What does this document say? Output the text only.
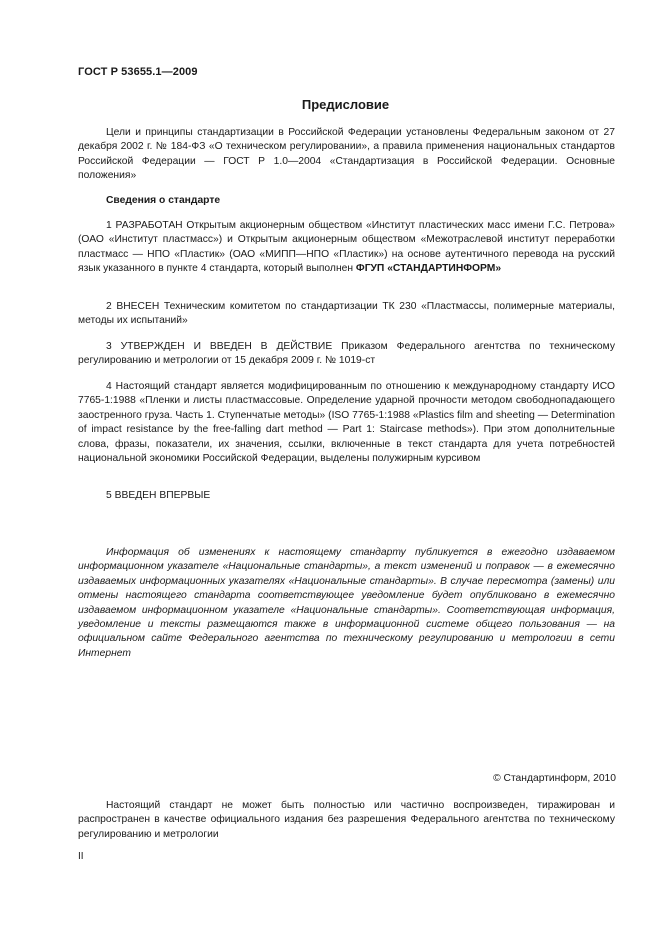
ГОСТ Р 53655.1—2009
Предисловие
Цели и принципы стандартизации в Российской Федерации установлены Федеральным законом от 27 декабря 2002 г. № 184-ФЗ «О техническом регулировании», а правила применения национальных стандартов Российской Федерации — ГОСТ Р 1.0—2004 «Стандартизация в Российской Федерации. Основные положения»
Сведения о стандарте
1 РАЗРАБОТАН Открытым акционерным обществом «Институт пластических масс имени Г.С. Петрова» (ОАО «Институт пластмасс») и Открытым акционерным обществом «Межотраслевой институт переработки пластмасс — НПО «Пластик» (ОАО «МИПП—НПО «Пластик») на основе аутентичного перевода на русский язык указанного в пункте 4 стандарта, который выполнен ФГУП «СТАНДАРТИНФОРМ»
2 ВНЕСЕН Техническим комитетом по стандартизации ТК 230 «Пластмассы, полимерные материалы, методы их испытаний»
3 УТВЕРЖДЕН И ВВЕДЕН В ДЕЙСТВИЕ Приказом Федерального агентства по техническому регулированию и метрологии от 15 декабря 2009 г. № 1019-ст
4 Настоящий стандарт является модифицированным по отношению к международному стандарту ИСО 7765-1:1988 «Пленки и листы пластмассовые. Определение ударной прочности методом свободнопадающего заостренного груза. Часть 1. Ступенчатые методы» (ISO 7765-1:1988 «Plastics film and sheeting — Determination of impact resistance by the free-falling dart method — Part 1: Staircase methods»). При этом дополнительные слова, фразы, показатели, их значения, ссылки, включенные в текст стандарта для учета потребностей национальной экономики Российской Федерации, выделены полужирным курсивом
5 ВВЕДЕН ВПЕРВЫЕ
Информация об изменениях к настоящему стандарту публикуется в ежегодно издаваемом информационном указателе «Национальные стандарты», а текст изменений и поправок — в ежемесячно издаваемых информационных указателях «Национальные стандарты». В случае пересмотра (замены) или отмены настоящего стандарта соответствующее уведомление будет опубликовано в ежемесячно издаваемом информационном указателе «Национальные стандарты». Соответствующая информация, уведомление и тексты размещаются также в информационной системе общего пользования — на официальном сайте Федерального агентства по техническому регулированию и метрологии в сети Интернет
© Стандартинформ, 2010
Настоящий стандарт не может быть полностью или частично воспроизведен, тиражирован и распространен в качестве официального издания без разрешения Федерального агентства по техническому регулированию и метрологии
II
